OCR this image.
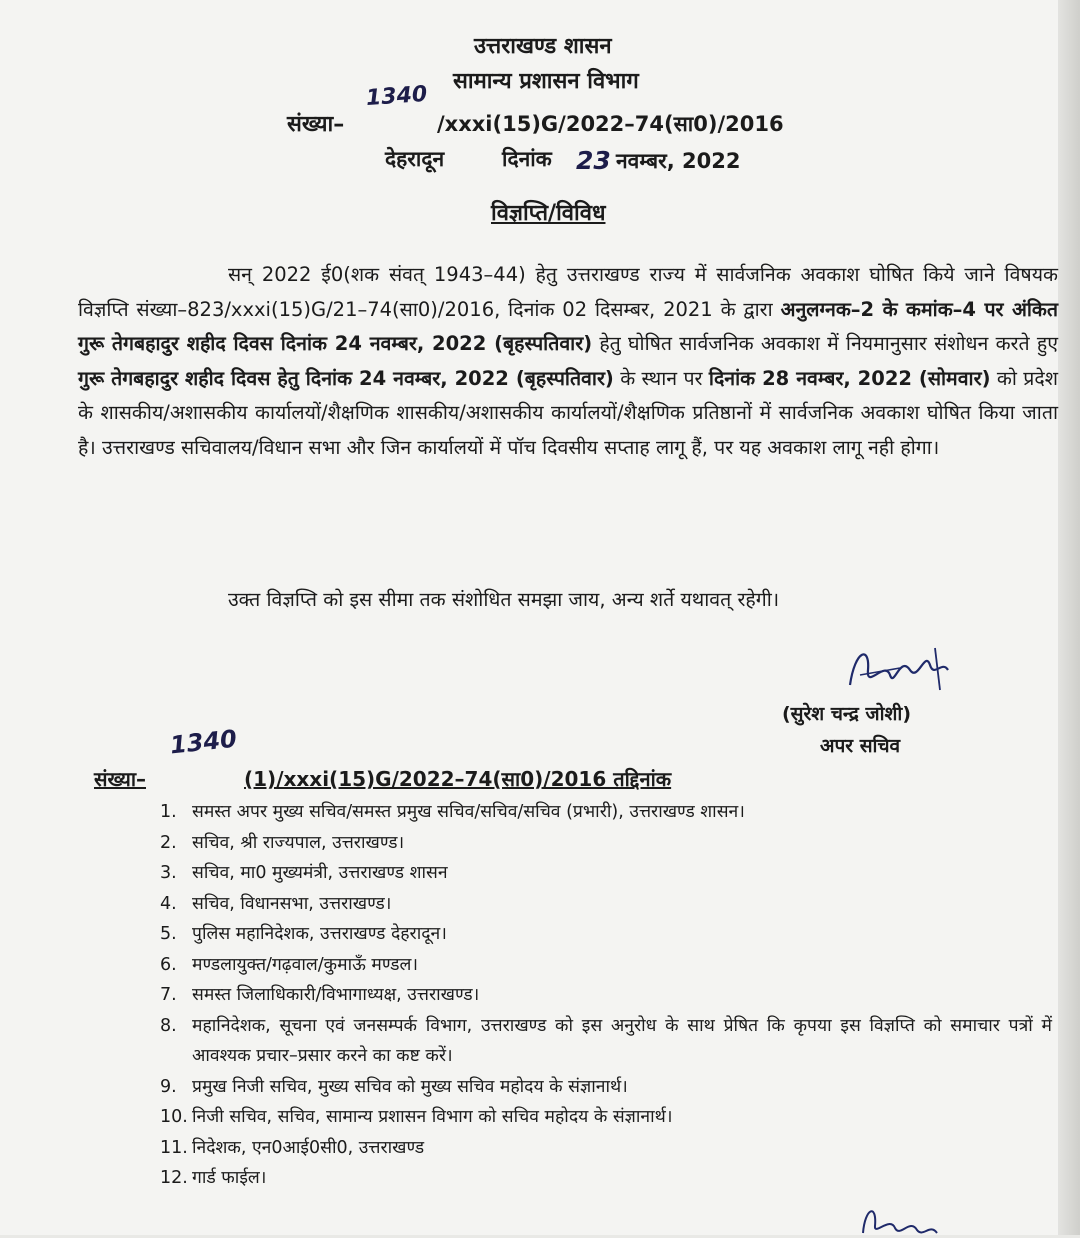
उत्तराखण्ड शासन
सामान्य प्रशासन विभाग
संख्या–
1340
/xxxi(15)G/2022–74(सा0)/2016
देहरादून	दिनांक 23 नवम्बर, 2022
विज्ञप्ति/विविध
सन् 2022 ई0(शक संवत् 1943–44) हेतु उत्तराखण्ड राज्य में सार्वजनिक अवकाश घोषित किये जाने विषयक विज्ञप्ति संख्या–823/xxxi(15)G/21–74(सा0)/2016, दिनांक 02 दिसम्बर, 2021 के द्वारा अनुलग्नक–2 के कमांक–4 पर अंकित गुरू तेगबहादुर शहीद दिवस दिनांक 24 नवम्बर, 2022 (बृहस्पतिवार) हेतु घोषित सार्वजनिक अवकाश में नियमानुसार संशोधन करते हुए गुरू तेगबहादुर शहीद दिवस हेतु दिनांक 24 नवम्बर, 2022 (बृहस्पतिवार) के स्थान पर दिनांक 28 नवम्बर, 2022 (सोमवार) को प्रदेश के शासकीय/अशासकीय कार्यालयों/शैक्षणिक शासकीय/अशासकीय कार्यालयों/शैक्षणिक प्रतिष्ठानों में सार्वजनिक अवकाश घोषित किया जाता है। उत्तराखण्ड सचिवालय/विधान सभा और जिन कार्यालयों में पॉच दिवसीय सप्ताह लागू हैं, पर यह अवकाश लागू नही होगा।
उक्त विज्ञप्ति को इस सीमा तक संशोधित समझा जाय, अन्य शर्ते यथावत् रहेगी।
(सुरेश चन्द्र जोशी)
अपर सचिव
1340
संख्या–	(1)/xxxi(15)G/2022–74(सा0)/2016 तद्दिनांक
1. समस्त अपर मुख्य सचिव/समस्त प्रमुख सचिव/सचिव/सचिव (प्रभारी), उत्तराखण्ड शासन।
2. सचिव, श्री राज्यपाल, उत्तराखण्ड।
3. सचिव, मा0 मुख्यमंत्री, उत्तराखण्ड शासन
4. सचिव, विधानसभा, उत्तराखण्ड।
5. पुलिस महानिदेशक, उत्तराखण्ड देहरादून।
6. मण्डलायुक्त/गढ़वाल/कुमाऊँ मण्डल।
7. समस्त जिलाधिकारी/विभागाध्यक्ष, उत्तराखण्ड।
8. महानिदेशक, सूचना एवं जनसम्पर्क विभाग, उत्तराखण्ड को इस अनुरोध के साथ प्रेषित कि कृपया इस विज्ञप्ति को समाचार पत्रों में आवश्यक प्रचार–प्रसार करने का कष्ट करें।
9. प्रमुख निजी सचिव, मुख्य सचिव को मुख्य सचिव महोदय के संज्ञानार्थ।
10. निजी सचिव, सचिव, सामान्य प्रशासन विभाग को सचिव महोदय के संज्ञानार्थ।
11. निदेशक, एन0आई0सी0, उत्तराखण्ड
12. गार्ड फाईल।
